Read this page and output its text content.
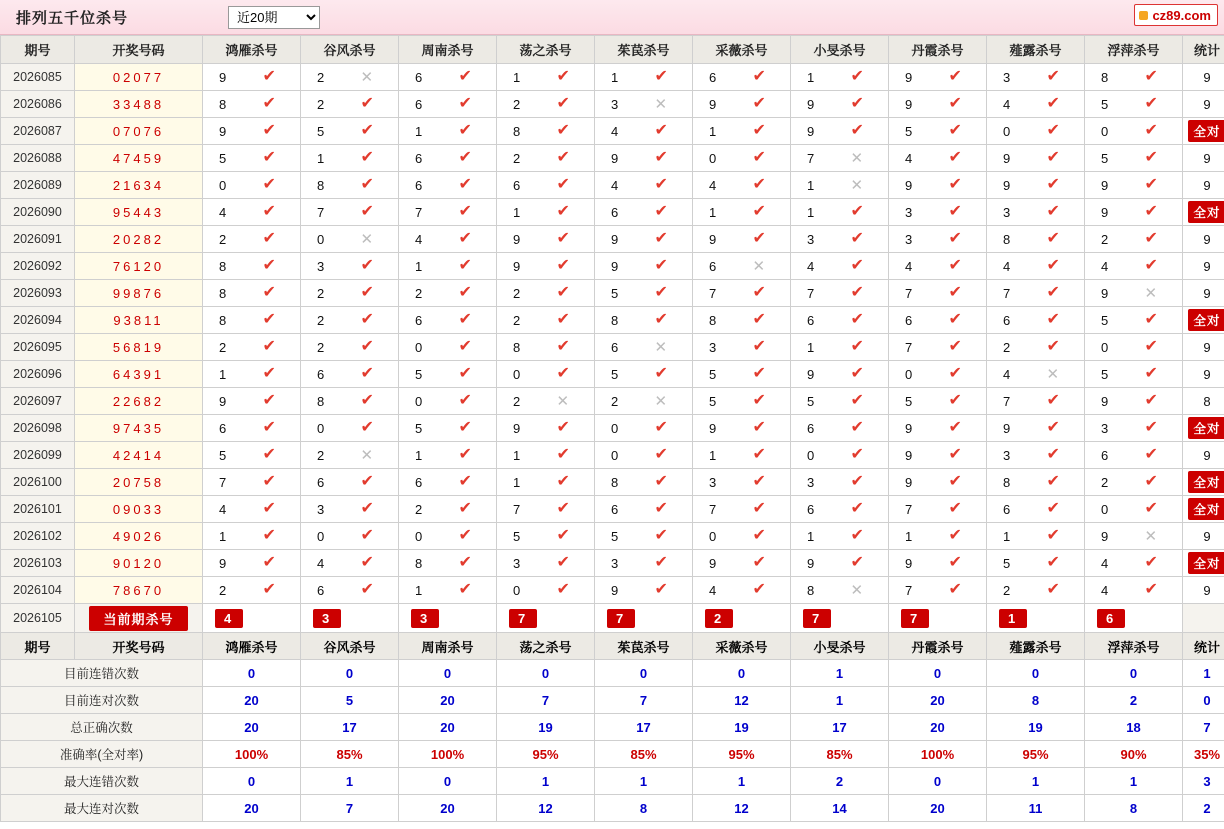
排列五千位杀号
近20期	cz89.com
期号	开奖号码	鸿雁杀号	谷风杀号	周南杀号	荡之杀号	茱苠杀号	采薇杀号	小旻杀号	丹霞杀号	薤露杀号	浮萍杀号	统计
2026085	02077	9 ✔	2 ✕	6 ✔	1 ✔	1 ✔	6 ✔	1 ✔	9 ✔	3 ✔	8 ✔	9
2026086	33488	8 ✔	2 ✔	6 ✔	2 ✔	3 ✕	9 ✔	9 ✔	9 ✔	4 ✔	5 ✔	9
2026087	07076	9 ✔	5 ✔	1 ✔	8 ✔	4 ✔	1 ✔	9 ✔	5 ✔	0 ✔	0 ✔	全对
2026088	47459	5 ✔	1 ✔	6 ✔	2 ✔	9 ✔	0 ✔	7 ✕	4 ✔	9 ✔	5 ✔	9
2026089	21634	0 ✔	8 ✔	6 ✔	6 ✔	4 ✔	4 ✔	1 ✕	9 ✔	9 ✔	9 ✔	9
2026090	95443	4 ✔	7 ✔	7 ✔	1 ✔	6 ✔	1 ✔	1 ✔	3 ✔	3 ✔	9 ✔	全对
2026091	20282	2 ✔	0 ✕	4 ✔	9 ✔	9 ✔	9 ✔	3 ✔	3 ✔	8 ✔	2 ✔	9
2026092	76120	8 ✔	3 ✔	1 ✔	9 ✔	9 ✔	6 ✕	4 ✔	4 ✔	4 ✔	4 ✔	9
2026093	99876	8 ✔	2 ✔	2 ✔	2 ✔	5 ✔	7 ✔	7 ✔	7 ✔	7 ✔	9 ✕	9
2026094	93811	8 ✔	2 ✔	6 ✔	2 ✔	8 ✔	8 ✔	6 ✔	6 ✔	6 ✔	5 ✔	全对
2026095	56819	2 ✔	2 ✔	0 ✔	8 ✔	6 ✕	3 ✔	1 ✔	7 ✔	2 ✔	0 ✔	9
2026096	64391	1 ✔	6 ✔	5 ✔	0 ✔	5 ✔	5 ✔	9 ✔	0 ✔	4 ✕	5 ✔	9
2026097	22682	9 ✔	8 ✔	0 ✔	2 ✕	2 ✕	5 ✔	5 ✔	5 ✔	7 ✔	9 ✔	8
2026098	97435	6 ✔	0 ✔	5 ✔	9 ✔	0 ✔	9 ✔	6 ✔	9 ✔	9 ✔	3 ✔	全对
2026099	42414	5 ✔	2 ✕	1 ✔	1 ✔	0 ✔	1 ✔	0 ✔	9 ✔	3 ✔	6 ✔	9
2026100	20758	7 ✔	6 ✔	6 ✔	1 ✔	8 ✔	3 ✔	3 ✔	9 ✔	8 ✔	2 ✔	全对
2026101	09033	4 ✔	3 ✔	2 ✔	7 ✔	6 ✔	7 ✔	6 ✔	7 ✔	6 ✔	0 ✔	全对
2026102	49026	1 ✔	0 ✔	0 ✔	5 ✔	5 ✔	0 ✔	1 ✔	1 ✔	1 ✔	9 ✕	9
2026103	90120	9 ✔	4 ✔	8 ✔	3 ✔	3 ✔	9 ✔	9 ✔	9 ✔	5 ✔	4 ✔	全对
2026104	78670	2 ✔	6 ✔	1 ✔	0 ✔	9 ✔	4 ✔	8 ✕	7 ✔	2 ✔	4 ✔	9
2026105	当前期杀号	4	3	3	7	7	2	7	7	1	6	
期号	开奖号码	鸿雁杀号	谷风杀号	周南杀号	荡之杀号	茱苠杀号	采薇杀号	小旻杀号	丹霞杀号	薤露杀号	浮萍杀号	统计
目前连错次数		0	0	0	0	0	0	1	0	0	0	1
目前连对次数		20	5	20	7	7	12	1	20	8	2	0
总正确次数		20	17	20	19	17	19	17	20	19	18	7
准确率(全对率)		100%	85%	100%	95%	85%	95%	85%	100%	95%	90%	35%
最大连错次数		0	1	0	1	1	1	2	0	1	1	3
最大连对次数		20	7	20	12	8	12	14	20	11	8	2
